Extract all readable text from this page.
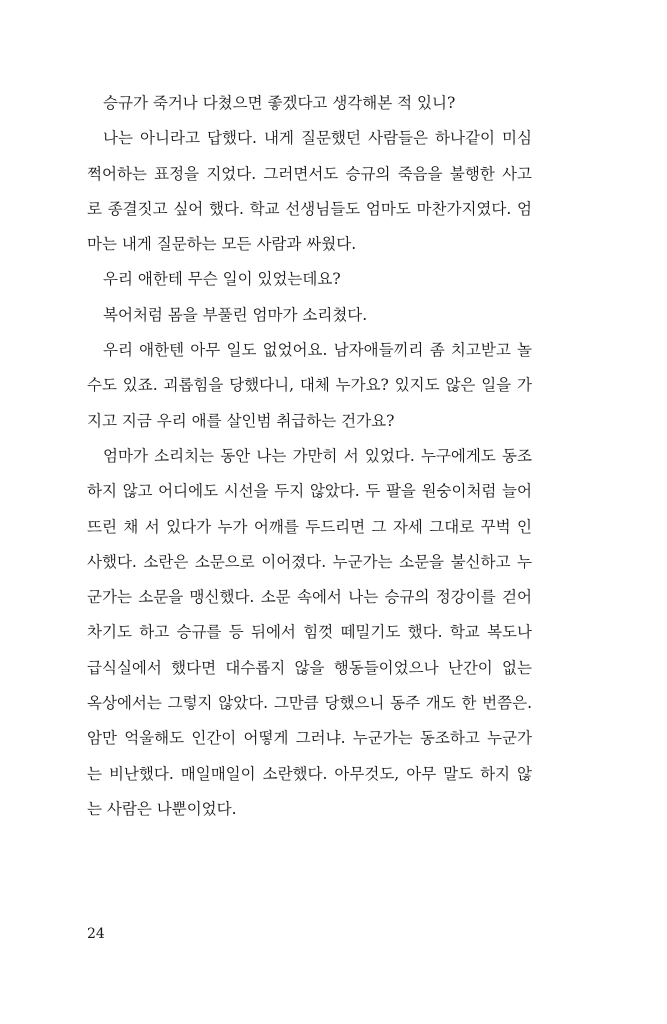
승규가 죽거나 다쳤으면 좋겠다고 생각해본 적 있니?
나는 아니라고 답했다. 내게 질문했던 사람들은 하나같이 미심
쩍어하는 표정을 지었다. 그러면서도 승규의 죽음을 불행한 사고
로 종결짓고 싶어 했다. 학교 선생님들도 엄마도 마찬가지였다. 엄
마는 내게 질문하는 모든 사람과 싸웠다.
우리 애한테 무슨 일이 있었는데요?
복어처럼 몸을 부풀린 엄마가 소리쳤다.
우리 애한텐 아무 일도 없었어요. 남자애들끼리 좀 치고받고 놀
수도 있죠. 괴롭힘을 당했다니, 대체 누가요? 있지도 않은 일을 가
지고 지금 우리 애를 살인범 취급하는 건가요?
엄마가 소리치는 동안 나는 가만히 서 있었다. 누구에게도 동조
하지 않고 어디에도 시선을 두지 않았다. 두 팔을 원숭이처럼 늘어
뜨린 채 서 있다가 누가 어깨를 두드리면 그 자세 그대로 꾸벅 인
사했다. 소란은 소문으로 이어졌다. 누군가는 소문을 불신하고 누
군가는 소문을 맹신했다. 소문 속에서 나는 승규의 정강이를 걷어
차기도 하고 승규를 등 뒤에서 힘껏 떼밀기도 했다. 학교 복도나
급식실에서 했다면 대수롭지 않을 행동들이었으나 난간이 없는
옥상에서는 그렇지 않았다. 그만큼 당했으니 동주 개도 한 번쯤은.
암만 억울해도 인간이 어떻게 그러냐. 누군가는 동조하고 누군가
는 비난했다. 매일매일이 소란했다. 아무것도, 아무 말도 하지 않
는 사람은 나뿐이었다.
24
